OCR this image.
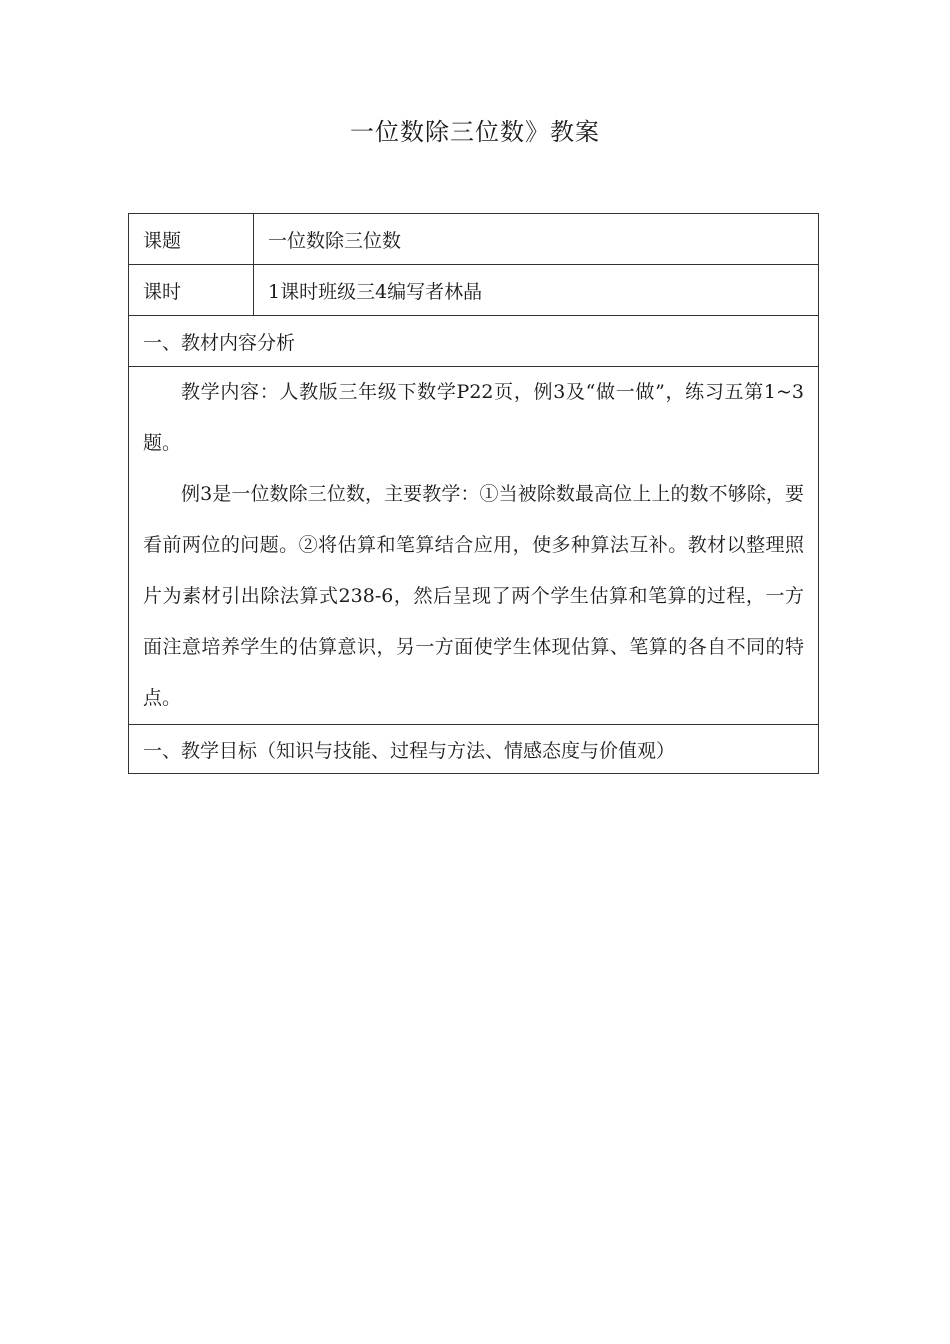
一位数除三位数》教案
课题	一位数除三位数
课时	1课时班级三4编写者林晶
一、教材内容分析	

教学内容：人教版三年级下数学P22页，例3及“做一做”，练习五第1~3题。

例3是一位数除三位数，主要教学：①当被除数最高位上上的数不够除，要看前两位的问题。②将估算和笔算结合应用，使多种算法互补。教材以整理照片为素材引出除法算式238-6，然后呈现了两个学生估算和笔算的过程，一方面注意培养学生的估算意识，另一方面使学生体现估算、笔算的各自不同的特点。	

一、教学目标（知识与技能、过程与方法、情感态度与价值观）	
